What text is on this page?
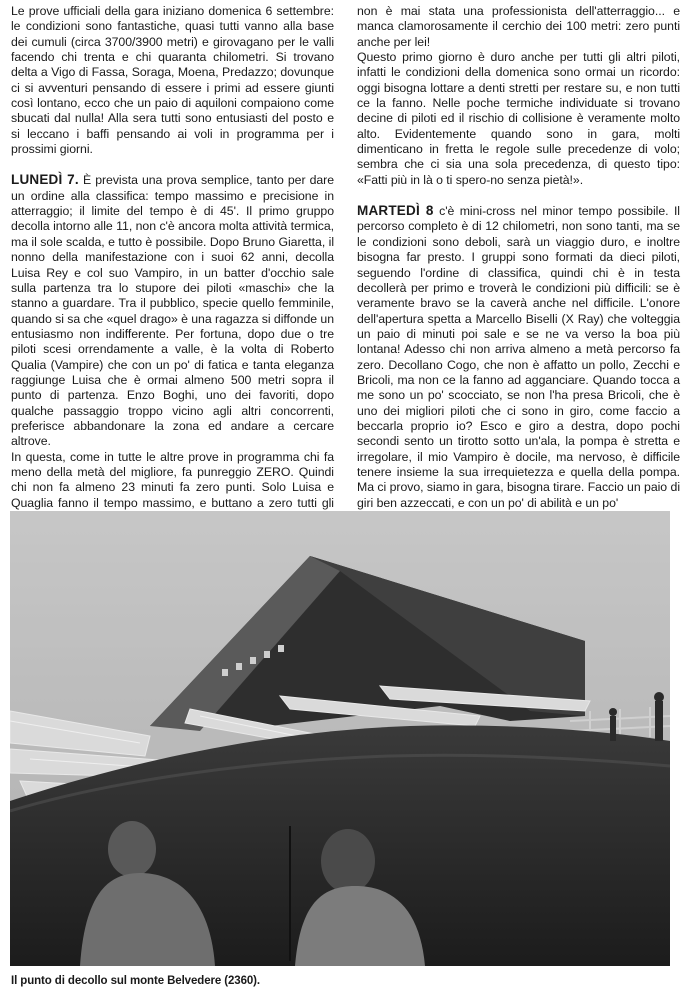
Le prove ufficiali della gara iniziano domenica 6 settembre: le condizioni sono fantastiche, quasi tutti vanno alla base dei cumuli (circa 3700/3900 metri) e girovagano per le valli facendo chi trenta e chi quaranta chilometri. Si trovano delta a Vigo di Fassa, Soraga, Moena, Predazzo; dovunque ci si avventuri pensando di essere i primi ad essere giunti così lontano, ecco che un paio di aquiloni compaiono come sbucati dal nulla! Alla sera tutti sono entusiasti del posto e si leccano i baffi pensando ai voli in programma per i prossimi giorni.

LUNEDÌ 7. È prevista una prova semplice, tanto per dare un ordine alla classifica: tempo massimo e precisione in atterraggio; il limite del tempo è di 45'. Il primo gruppo decolla intorno alle 11, non c'è ancora molta attività termica, ma il sole scalda, e tutto è possibile. Dopo Bruno Giaretta, il nonno della manifestazione con i suoi 62 anni, decolla Luisa Rey e col suo Vampiro, in un batter d'occhio sale sulla partenza tra lo stupore dei piloti «maschi» che la stanno a guardare. Tra il pubblico, specie quello femminile, quando si sa che «quel drago» è una ragazza si diffonde un entusiasmo non indifferente. Per fortuna, dopo due o tre piloti scesi orrendamente a valle, è la volta di Roberto Qualia (Vampire) che con un po' di fatica e tanta eleganza raggiunge Luisa che è ormai almeno 500 metri sopra il punto di partenza. Enzo Boghi, uno dei favoriti, dopo qualche passaggio troppo vicino agli altri concorrenti, preferisce abbandonare la zona ed andare a cercare altrove.

In questa, come in tutte le altre prove in programma chi fa meno della metà del migliore, fa punreggio ZERO. Quindi chi non fa almeno 23 minuti fa zero punti. Solo Luisa e Quaglia fanno il tempo massimo, e buttano a zero tutti gli

non è mai stata una professionista dell'atterraggio... e manca clamorosamente il cerchio dei 100 metri: zero punti anche per lei!

Questo primo giorno è duro anche per tutti gli altri piloti, infatti le condizioni della domenica sono ormai un ricordo: oggi bisogna lottare a denti stretti per restare su, e non tutti ce la fanno. Nelle poche termiche individuate si trovano decine di piloti ed il rischio di collisione è veramente molto alto. Evidentemente quando sono in gara, molti dimenticano in fretta le regole sulle precedenze di volo; sembra che ci sia una sola precedenza, di questo tipo: «Fatti più in là o ti spero-no senza pietà!».

MARTEDÌ 8 c'è mini-cross nel minor tempo possibile. Il percorso completo è di 12 chilometri, non sono tanti, ma se le condizioni sono deboli, sarà un viaggio duro, e inoltre bisogna far presto. I gruppi sono formati da dieci piloti, seguendo l'ordine di classifica, quindi chi è in testa decollerà per primo e troverà le condizioni più difficili: se è veramente bravo se la caverà anche nel difficile. L'onore dell'apertura spetta a Marcello Biselli (X Ray) che volteggia un paio di minuti poi sale e se ne va verso la boa più lontana! Adesso chi non arriva almeno a metà percorso fa zero. Decollano Cogo, che non è affatto un pollo, Zecchi e Bricoli, ma non ce la fanno ad agganciare. Quando tocca a me sono un po' scocciato, se non l'ha presa Bricoli, che è uno dei migliori piloti che ci sono in giro, come faccio a beccarla proprio io? Esco e giro a destra, dopo pochi secondi sento un tirotto sotto un'ala, la pompa è stretta e irregolare, il mio Vampiro è docile, ma nervoso, è difficile tenere insieme la sua irrequietezza e quella della pompa. Ma ci provo, siamo in gara, bisogna tirare. Faccio un paio di giri ben azzeccati, e con un po' di abilità e un po'

Il punto di decollo sul monte Belvedere (2360).
